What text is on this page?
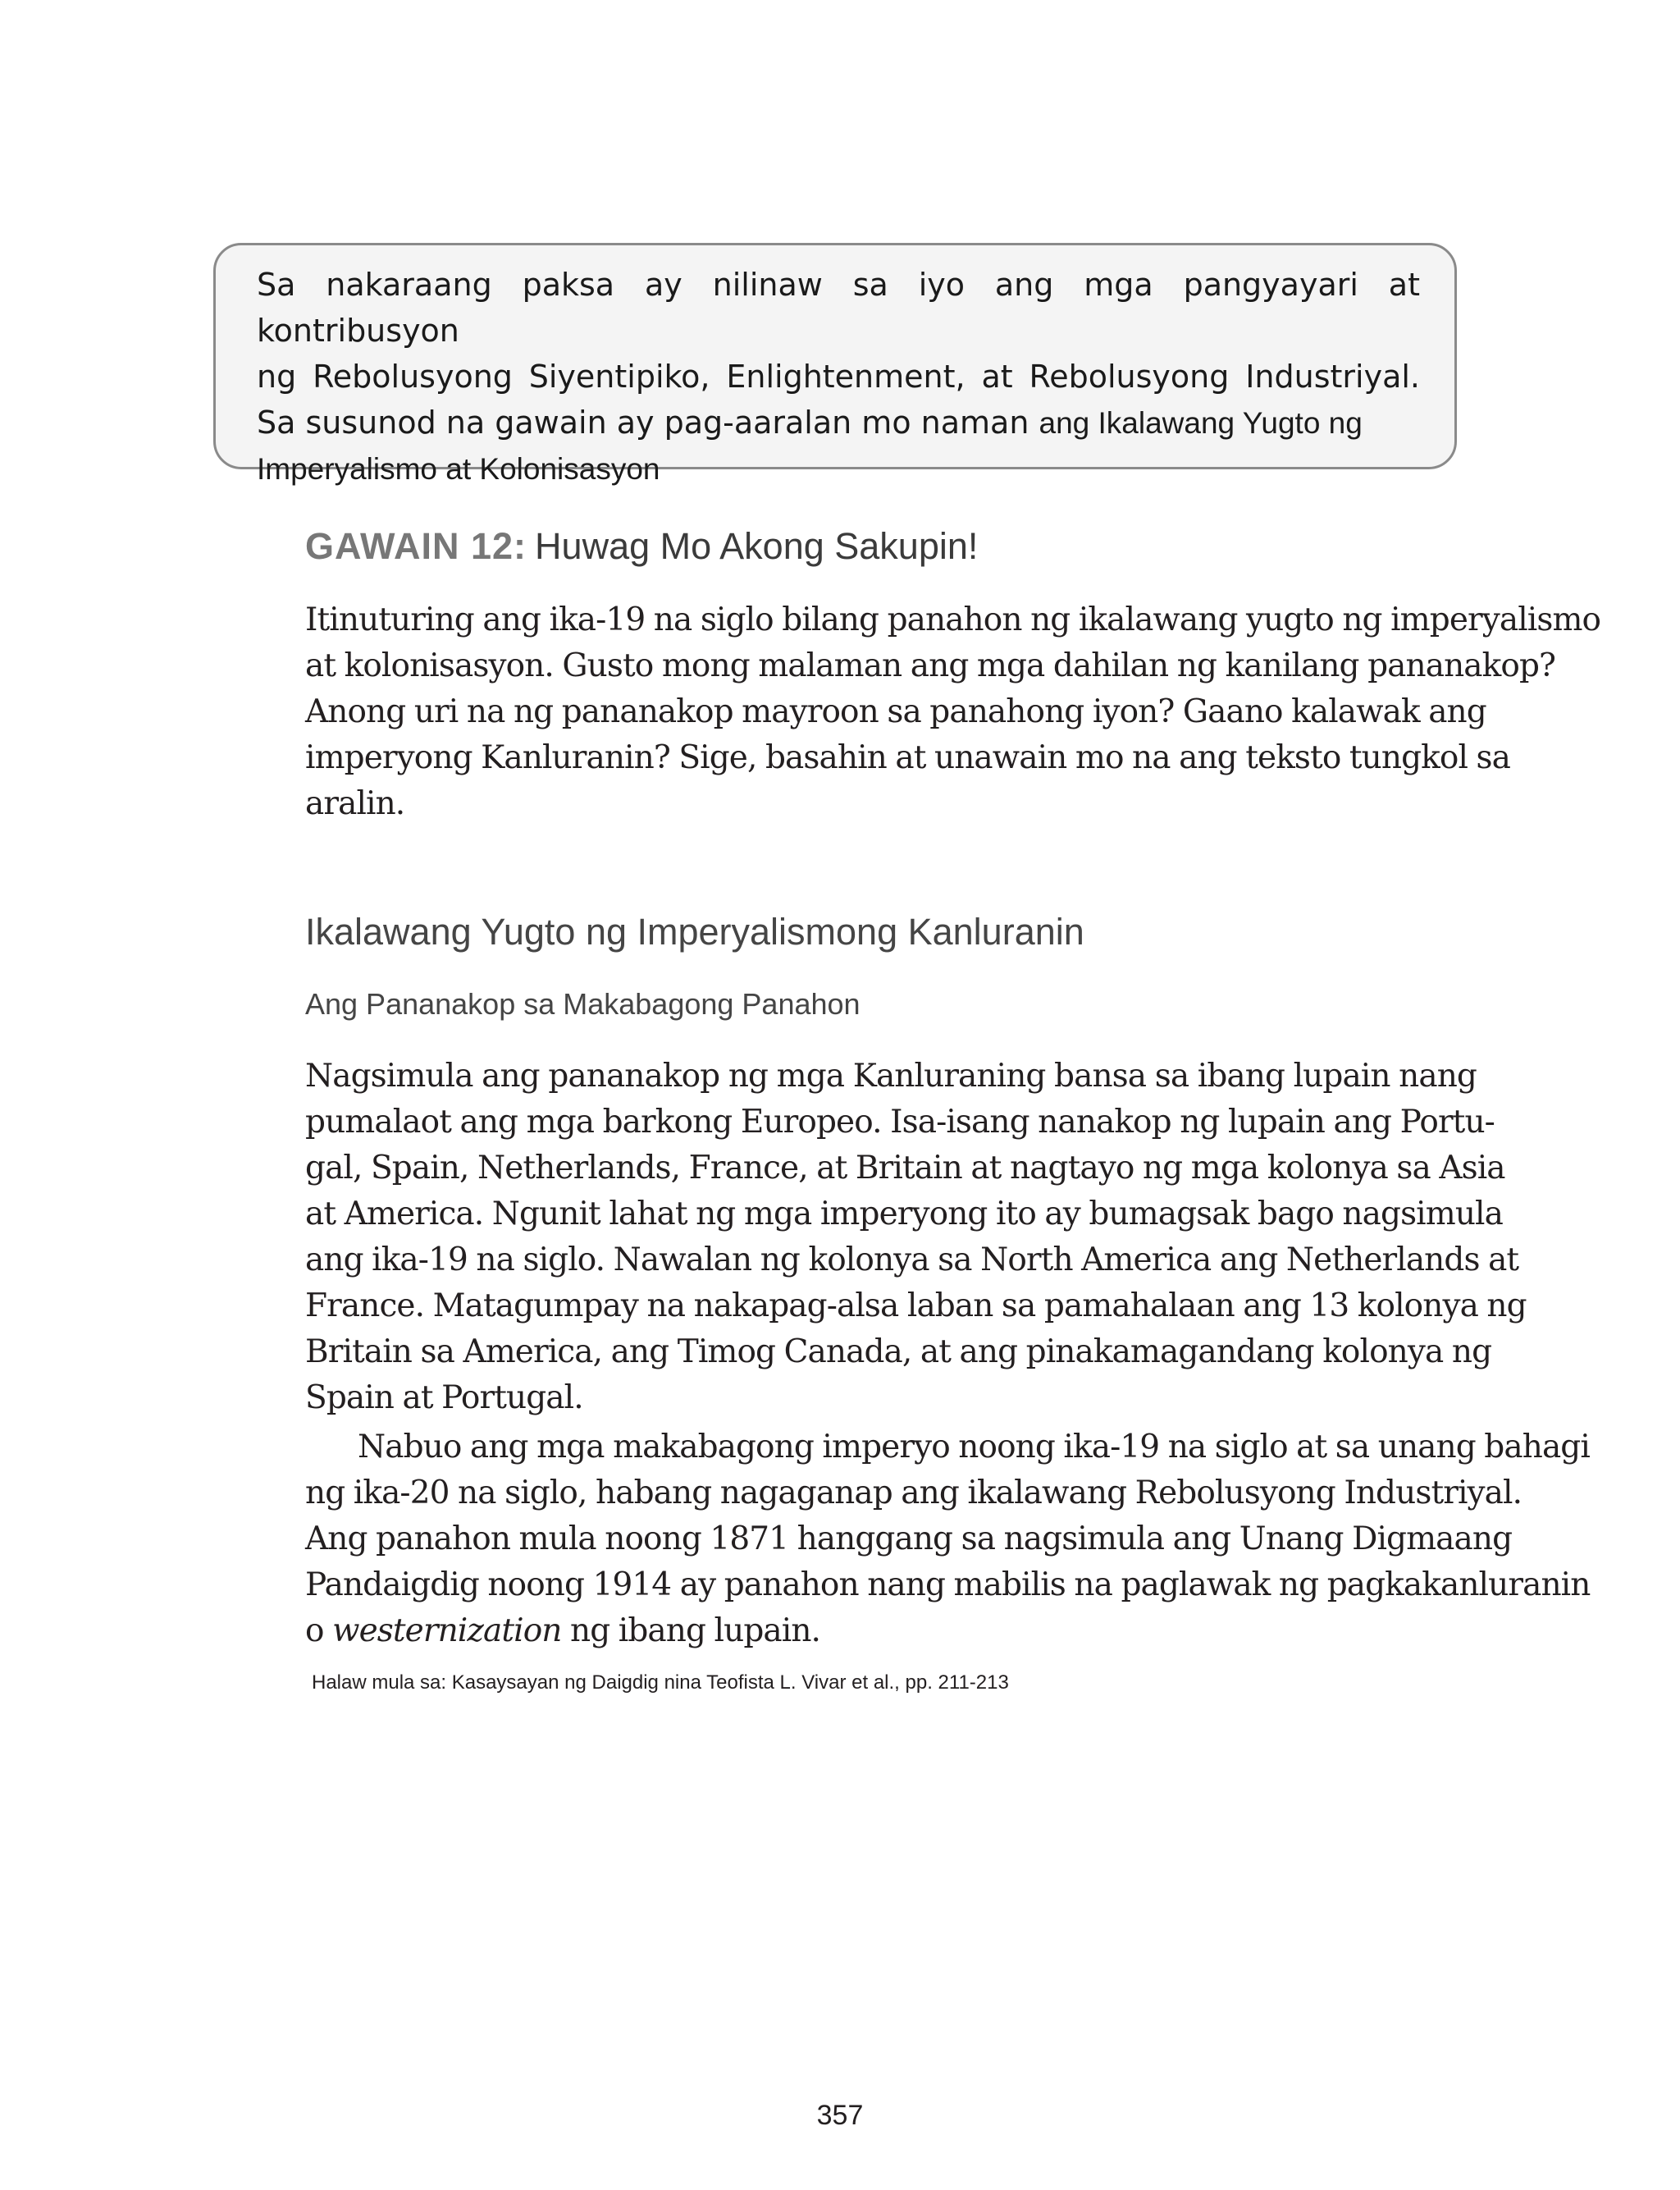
Sa nakaraang paksa ay nilinaw sa iyo ang mga pangyayari at kontribusyon
ng Rebolusyong Siyentipiko, Enlightenment, at Rebolusyong Industriyal.
Sa susunod na gawain ay pag-aaralan mo naman ang Ikalawang Yugto ng
Imperyalismo at Kolonisasyon
GAWAIN 12: Huwag Mo Akong Sakupin!
Itinuturing ang ika-19 na siglo bilang panahon ng ikalawang yugto ng imperyalismo
at kolonisasyon. Gusto mong malaman ang mga dahilan ng kanilang pananakop?
Anong uri na ng pananakop mayroon sa panahong iyon? Gaano kalawak ang
imperyong Kanluranin? Sige, basahin at unawain mo na ang teksto tungkol sa
aralin.
Ikalawang Yugto ng Imperyalismong Kanluranin
Ang Pananakop sa Makabagong Panahon
Nagsimula ang pananakop ng mga Kanluraning bansa sa ibang lupain nang
pumalaot ang mga barkong Europeo. Isa-isang nanakop ng lupain ang Portu-
gal, Spain, Netherlands, France, at Britain at nagtayo ng mga kolonya sa Asia
at America. Ngunit lahat ng mga imperyong ito ay bumagsak bago nagsimula
ang ika-19 na siglo. Nawalan ng kolonya sa North America ang Netherlands at
France. Matagumpay na nakapag-alsa laban sa pamahalaan ang 13 kolonya ng
Britain sa America, ang Timog Canada, at ang pinakamagandang kolonya ng
Spain at Portugal.
Nabuo ang mga makabagong imperyo noong ika-19 na siglo at sa unang bahagi
ng ika-20 na siglo, habang nagaganap ang ikalawang Rebolusyong Industriyal.
Ang panahon mula noong 1871 hanggang sa nagsimula ang Unang Digmaang
Pandaigdig noong 1914 ay panahon nang mabilis na paglawak ng pagkakanluranin
o westernization ng ibang lupain.
Halaw mula sa: Kasaysayan ng Daigdig nina Teofista L. Vivar et al., pp. 211-213
357
